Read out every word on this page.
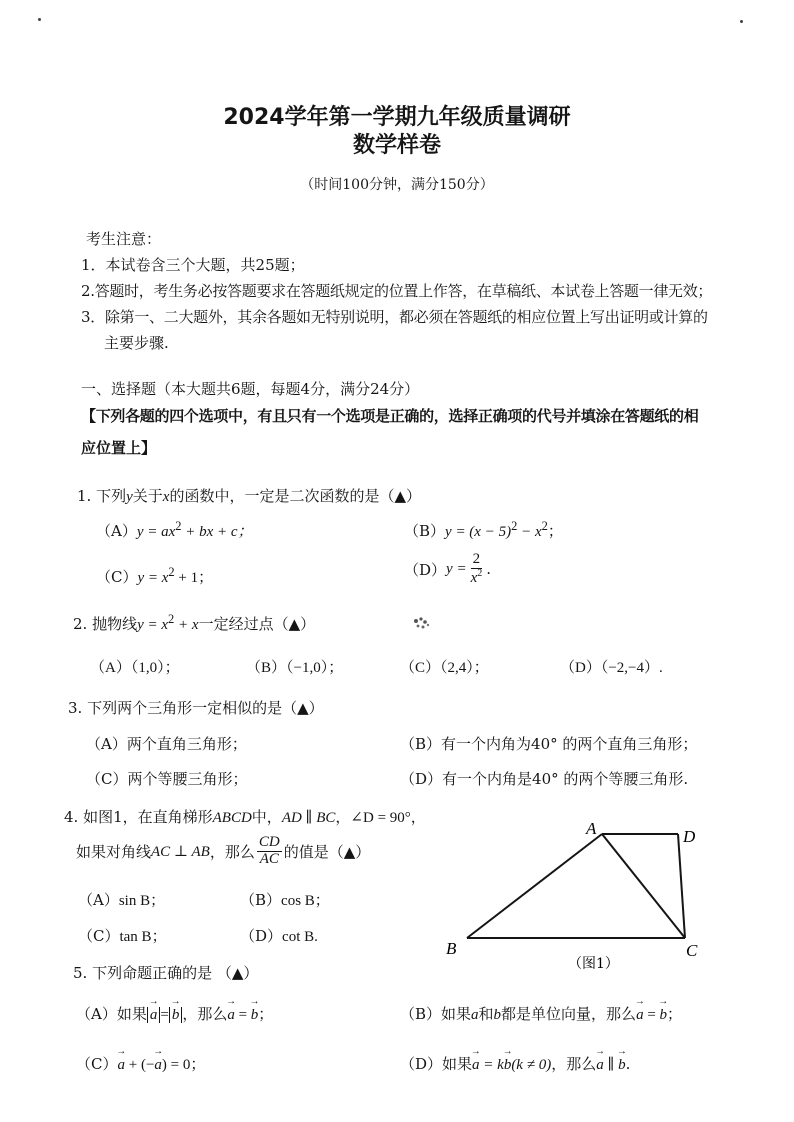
2024学年第一学期九年级质量调研
数学样卷
（时间100分钟，满分150分）
考生注意：
1．本试卷含三个大题，共25题；
2.答题时，考生务必按答题要求在答题纸规定的位置上作答，在草稿纸、本试卷上答题一律无效；
3．除第一、二大题外，其余各题如无特别说明，都必须在答题纸的相应位置上写出证明或计算的
主要步骤.
一、选择题（本大题共6题，每题4分，满分24分）
【下列各题的四个选项中，有且只有一个选项是正确的，选择正确项的代号并填涂在答题纸的相
应位置上】
1. 下列y关于x的函数中，一定是二次函数的是（▲）
$(A)y = ax^2$ + bx + c；	$(B)y = (x - 5)^2 - x^2$；
$(C)y = x^2 + 1$；	（D） $y = \frac{2}{x^2}$ .
2. 抛物线$y = x^2 + x$一定经过点（▲）
（A）（1,0）；	（B）（−1,0）；	（C）（2,4）；	（D）（−2,−4）.
3. 下列两个三角形一定相似的是（▲）
（A）两个直角三角形；	（B）有一个内角为40° 的两个直角三角形；
（C）两个等腰三角形；	（D）有一个内角是40° 的两个等腰三角形.
4. 如图1，在直角梯形ABCD中，AD ∥ BC，∠D = 90°，
如果对角线 AC ⊥ AB ，那么 $\frac{CD}{AC}$ 的值是（▲）
（A）sin B；	（B）cos B；
（C）tan B；	（D）cot B.
A	D
B	C
（图1）
5. 下列命题正确的是 （▲）
（A）如果 → a = → b ，那么→ a = → b；	（B）如果a和b都是单位向量，那么→ a = → b；
（C）→ a + (−→ a) = 0；	（D）如果→ a = k→ b(k ≠ 0)，那么→ a ∥ → b.
